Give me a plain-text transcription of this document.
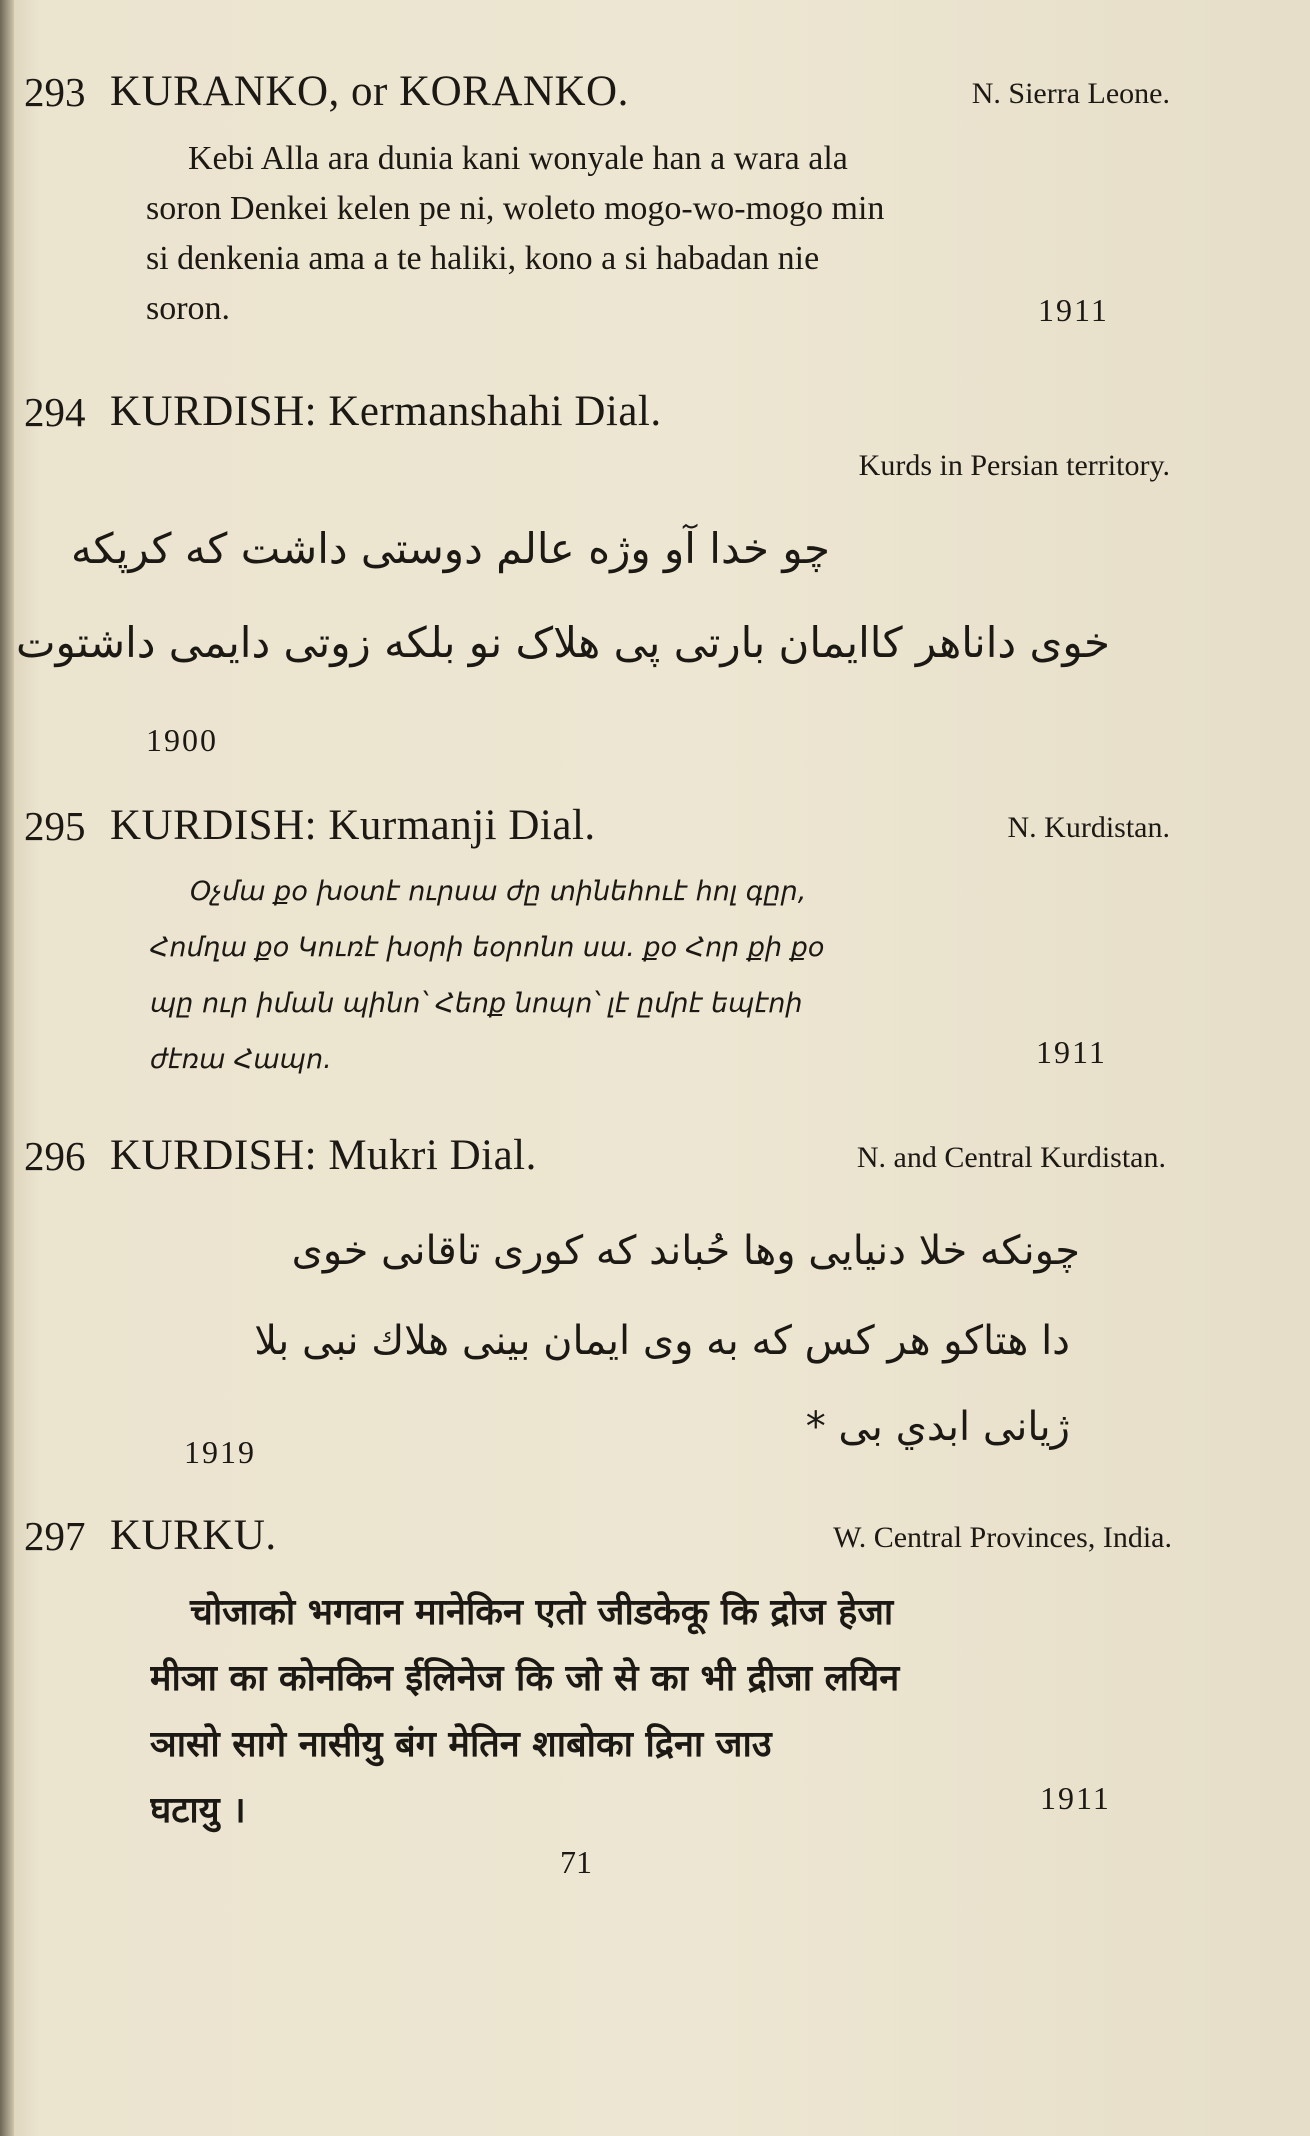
293 KURANKO, or KORANKO.	N. Sierra Leone.

Kebi Alla ara dunia kani wonyale han a wara ala

soron Denkei kelen pe ni, woleto mogo-wo-mogo min

si denkenia ama a te haliki, kono a si habadan nie

soron.	1911
294 KURDISH: Kermanshahi Dial.
Kurds in Persian territory.
چو خدا آو وژه عالم دوستی داشت که کرپکه
خوی داناهر کاایمان بارتی پی هلاک نو بلکه زوتی دایمی داشتوت
1900
295 KURDISH: Kurmanji Dial.	N. Kurdistan.

Օչմա քօ խօտէ ուրսա ժը տինեհուէ հոլ գըր,

Հոմղա քօ Կուռէ խօրի եօրոնո սա. քօ Հոր քի քօ

պը ուր իման պինո՝ Հեոք նոպո՝ լէ ըմրէ եպէոի

ժէռա Հապո.	1911
296 KURDISH: Mukri Dial.	N. and Central Kurdistan.
چونکه خلا دنیایی وها حُباند که کوری تاقانی خوی
دا هتاکو هر کس که به وی ایمان بینی هلاك نبی بلا
ژیانی ابدي بی *
1919
297 KURKU.	W. Central Provinces, India.

चोजाको भगवान मानेकिन एतो जीडकेकू कि द्रोज हेजा

मीञा का कोनकिन ईलिनेज कि जो से का भी द्रीजा लयिन

ञासो सागे नासीयु बंग मेतिन शाबोका द्रिना जाउ

घटायु ।	1911
71
